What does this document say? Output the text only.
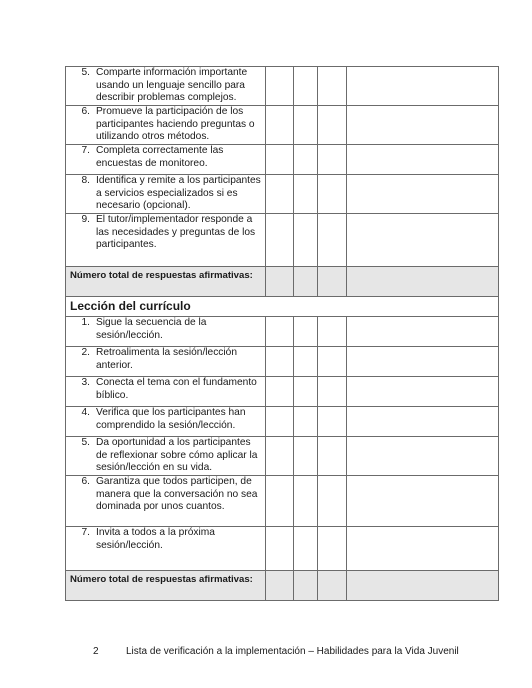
5. Comparte información importante usando un lenguaje sencillo para describir problemas complejos.				

6. Promueve la participación de los participantes haciendo preguntas o utilizando otros métodos.				

7. Completa correctamente las encuestas de monitoreo.				

8. Identifica y remite a los participantes a servicios especializados si es necesario (opcional).				

9. El tutor/implementador responde a las necesidades y preguntas de los participantes.				

Número total de respuestas afirmativas:				
Lección del currículo				

1. Sigue la secuencia de la sesión/lección.				

2. Retroalimenta la sesión/lección anterior.				

3. Conecta el tema con el fundamento bíblico.				

4. Verifica que los participantes han comprendido la sesión/lección.				

5. Da oportunidad a los participantes de reflexionar sobre cómo aplicar la sesión/lección en su vida.				

6. Garantiza que todos participen, de manera que la conversación no sea dominada por unos cuantos.				

7. Invita a todos a la próxima sesión/lección.				

Número total de respuestas afirmativas:				
2	Lista de verificación a la implementación – Habilidades para la Vida Juvenil
